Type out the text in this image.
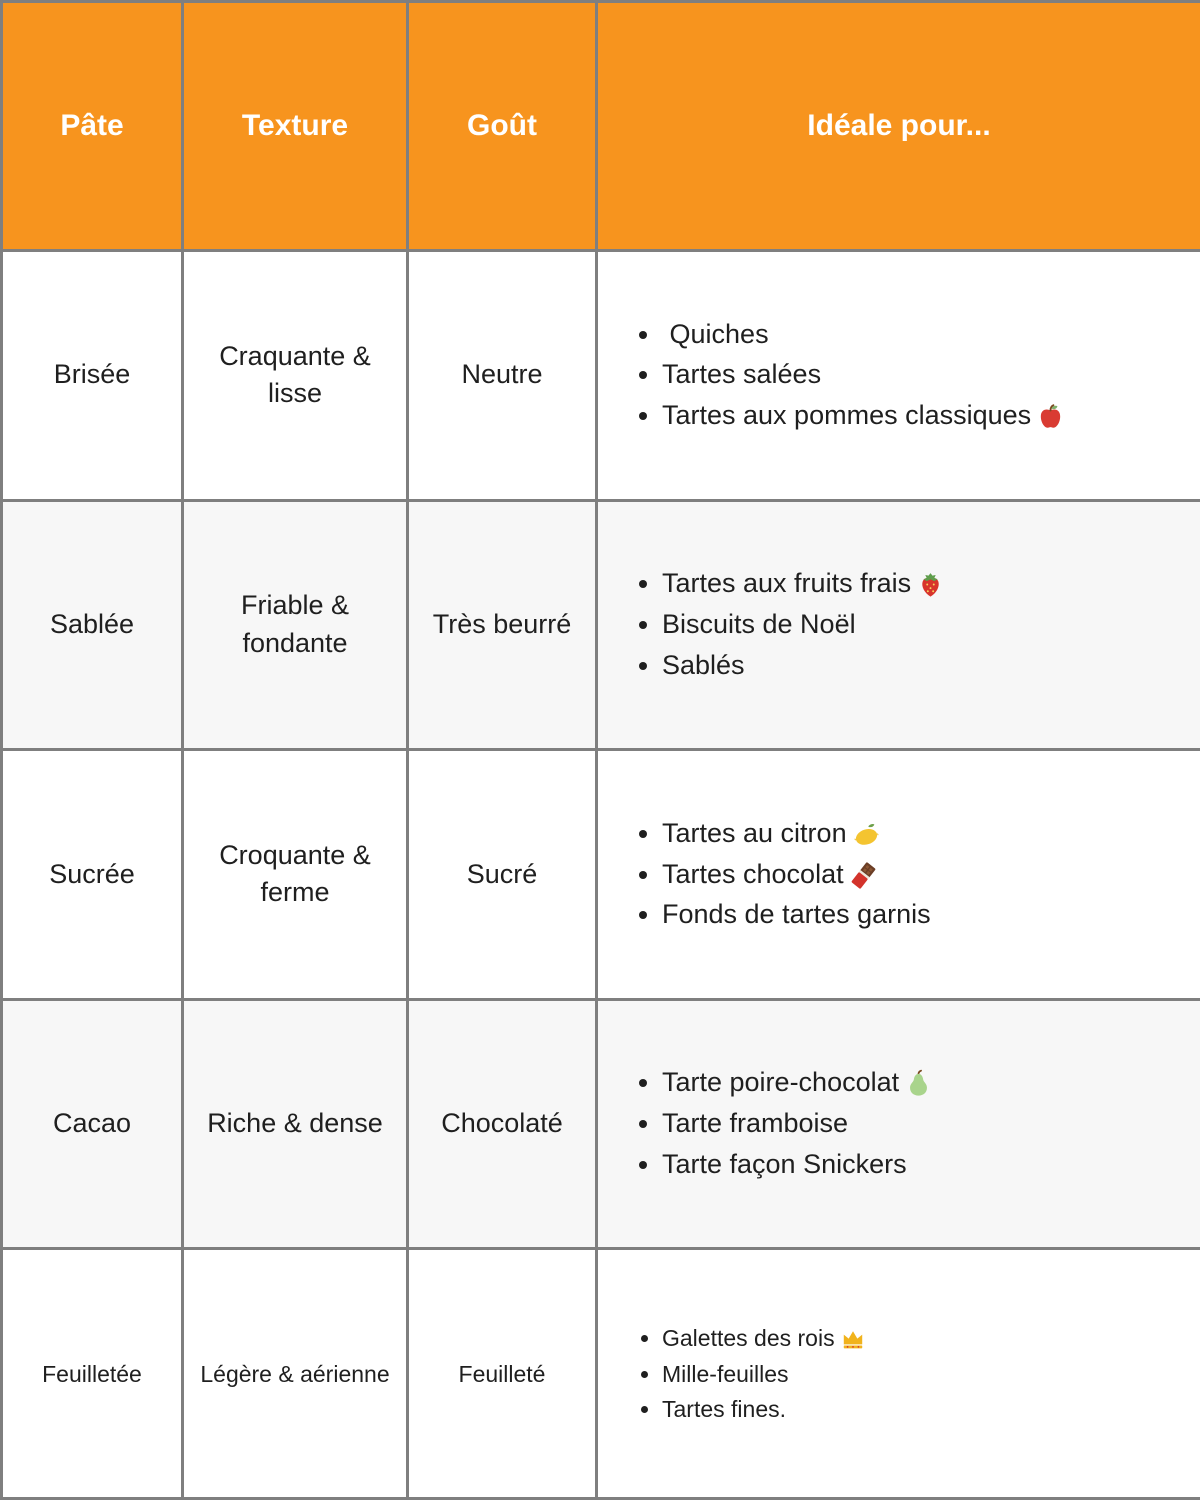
Pâte	Texture	Goût	Idéale pour...
Brisée	Craquante & lisse	Neutre	
•  Quiches
• Tartes salées
• Tartes aux pommes classiques

Sablée	Friable & fondante	Très beurré	
• Tartes aux fruits frais
• Biscuits de Noël
• Sablés

Sucrée	Croquante & ferme	Sucré	
• Tartes au citron
• Tartes chocolat
• Fonds de tartes garnis

Cacao	Riche & dense	Chocolaté	
• Tarte poire-chocolat
• Tarte framboise
• Tarte façon Snickers

Feuilletée	Légère & aérienne	Feuilleté	
• Galettes des rois
• Mille-feuilles
• Tartes fines.
